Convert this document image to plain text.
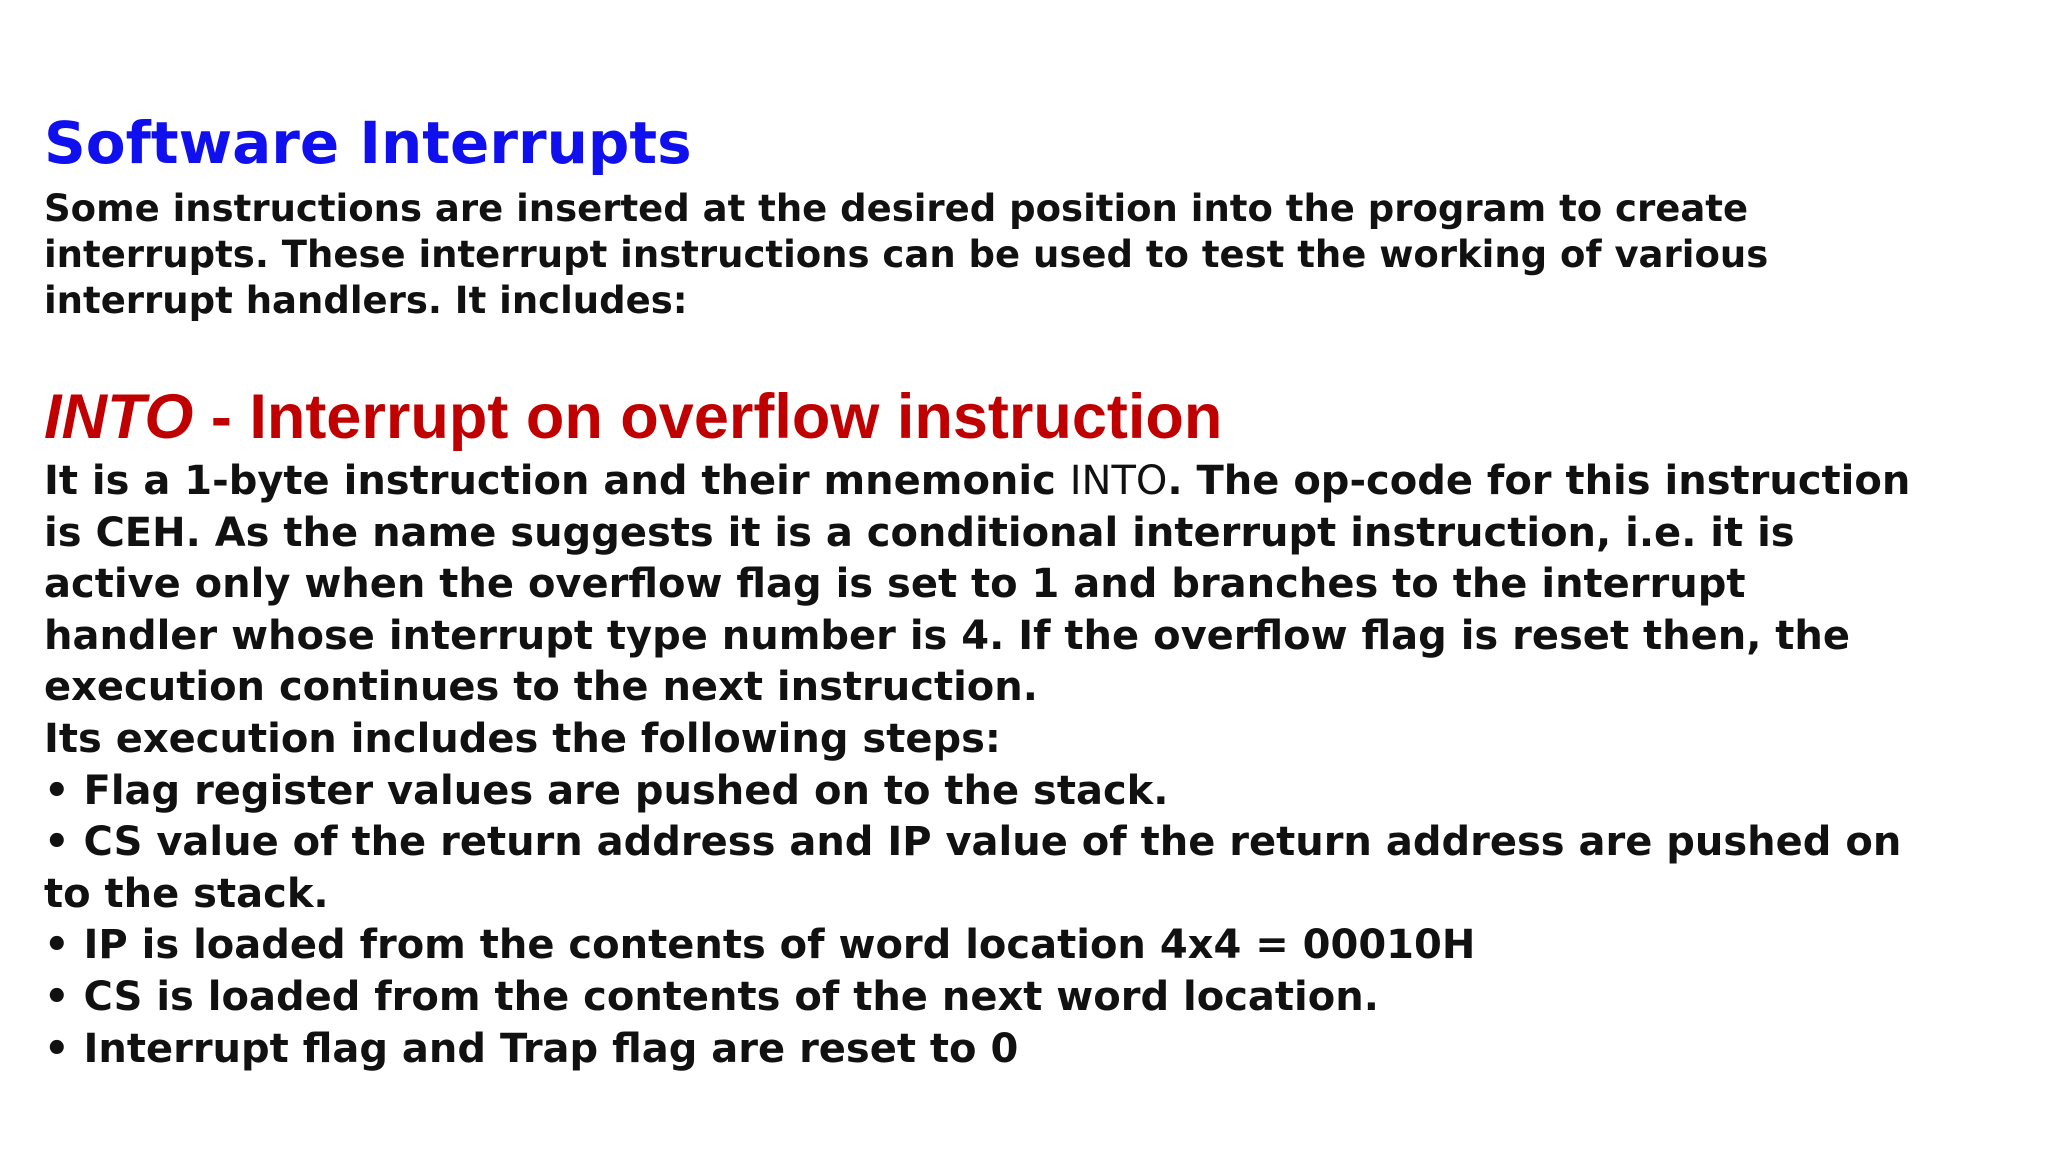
Software Interrupts
Some instructions are inserted at the desired position into the program to create
interrupts. These interrupt instructions can be used to test the working of various
interrupt handlers. It includes:
INTO - Interrupt on overflow instruction
It is a 1-byte instruction and their mnemonic INTO. The op-code for this instruction
is CEH. As the name suggests it is a conditional interrupt instruction, i.e. it is
active only when the overflow flag is set to 1 and branches to the interrupt
handler whose interrupt type number is 4. If the overflow flag is reset then, the
execution continues to the next instruction.
Its execution includes the following steps:
• Flag register values are pushed on to the stack.
• CS value of the return address and IP value of the return address are pushed on
to the stack.
• IP is loaded from the contents of word location 4x4 = 00010H
• CS is loaded from the contents of the next word location.
• Interrupt flag and Trap flag are reset to 0
